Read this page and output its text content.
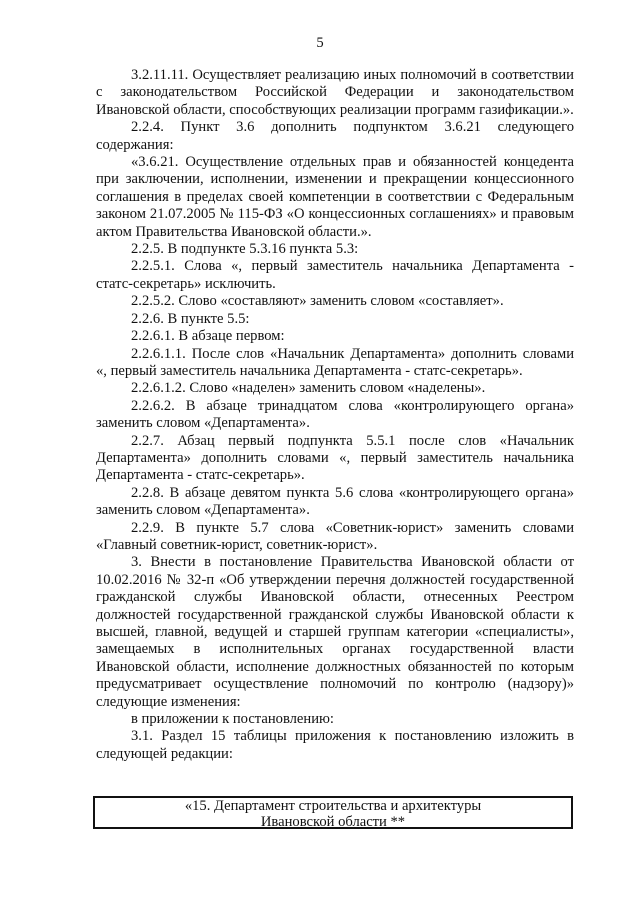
5

3.2.11.11. Осуществляет реализацию иных полномочий в соответствии с законодательством Российской Федерации и законодательством Ивановской области, способствующих реализации программ газификации.».

2.2.4. Пункт 3.6 дополнить подпунктом 3.6.21 следующего содержания:

«3.6.21. Осуществление отдельных прав и обязанностей концедента при заключении, исполнении, изменении и прекращении концессионного соглашения в пределах своей компетенции в соответствии с Федеральным законом 21.07.2005 № 115-ФЗ «О концессионных соглашениях» и правовым актом Правительства Ивановской области.».

2.2.5. В подпункте 5.3.16 пункта 5.3:

2.2.5.1. Слова «, первый заместитель начальника Департамента - статс-секретарь» исключить.

2.2.5.2. Слово «составляют» заменить словом «составляет».

2.2.6. В пункте 5.5:

2.2.6.1. В абзаце первом:

2.2.6.1.1. После слов «Начальник Департамента» дополнить словами «, первый заместитель начальника Департамента - статс-секретарь».

2.2.6.1.2. Слово «наделен» заменить словом «наделены».

2.2.6.2. В абзаце тринадцатом слова «контролирующего органа» заменить словом «Департамента».

2.2.7. Абзац первый подпункта 5.5.1 после слов «Начальник Департамента» дополнить словами «, первый заместитель начальника Департамента - статс-секретарь».

2.2.8. В абзаце девятом пункта 5.6 слова «контролирующего органа» заменить словом «Департамента».

2.2.9. В пункте 5.7 слова «Советник-юрист» заменить словами «Главный советник-юрист, советник-юрист».

3. Внести в постановление Правительства Ивановской области от 10.02.2016 № 32-п «Об утверждении перечня должностей государственной гражданской службы Ивановской области, отнесенных Реестром должностей государственной гражданской службы Ивановской области к высшей, главной, ведущей и старшей группам категории «специалисты», замещаемых в исполнительных органах государственной власти Ивановской области, исполнение должностных обязанностей по которым предусматривает осуществление полномочий по контролю (надзору)» следующие изменения:

в приложении к постановлению:

3.1. Раздел 15 таблицы приложения к постановлению изложить в следующей редакции:

«15. Департамент строительства и архитектуры
Ивановской области **
